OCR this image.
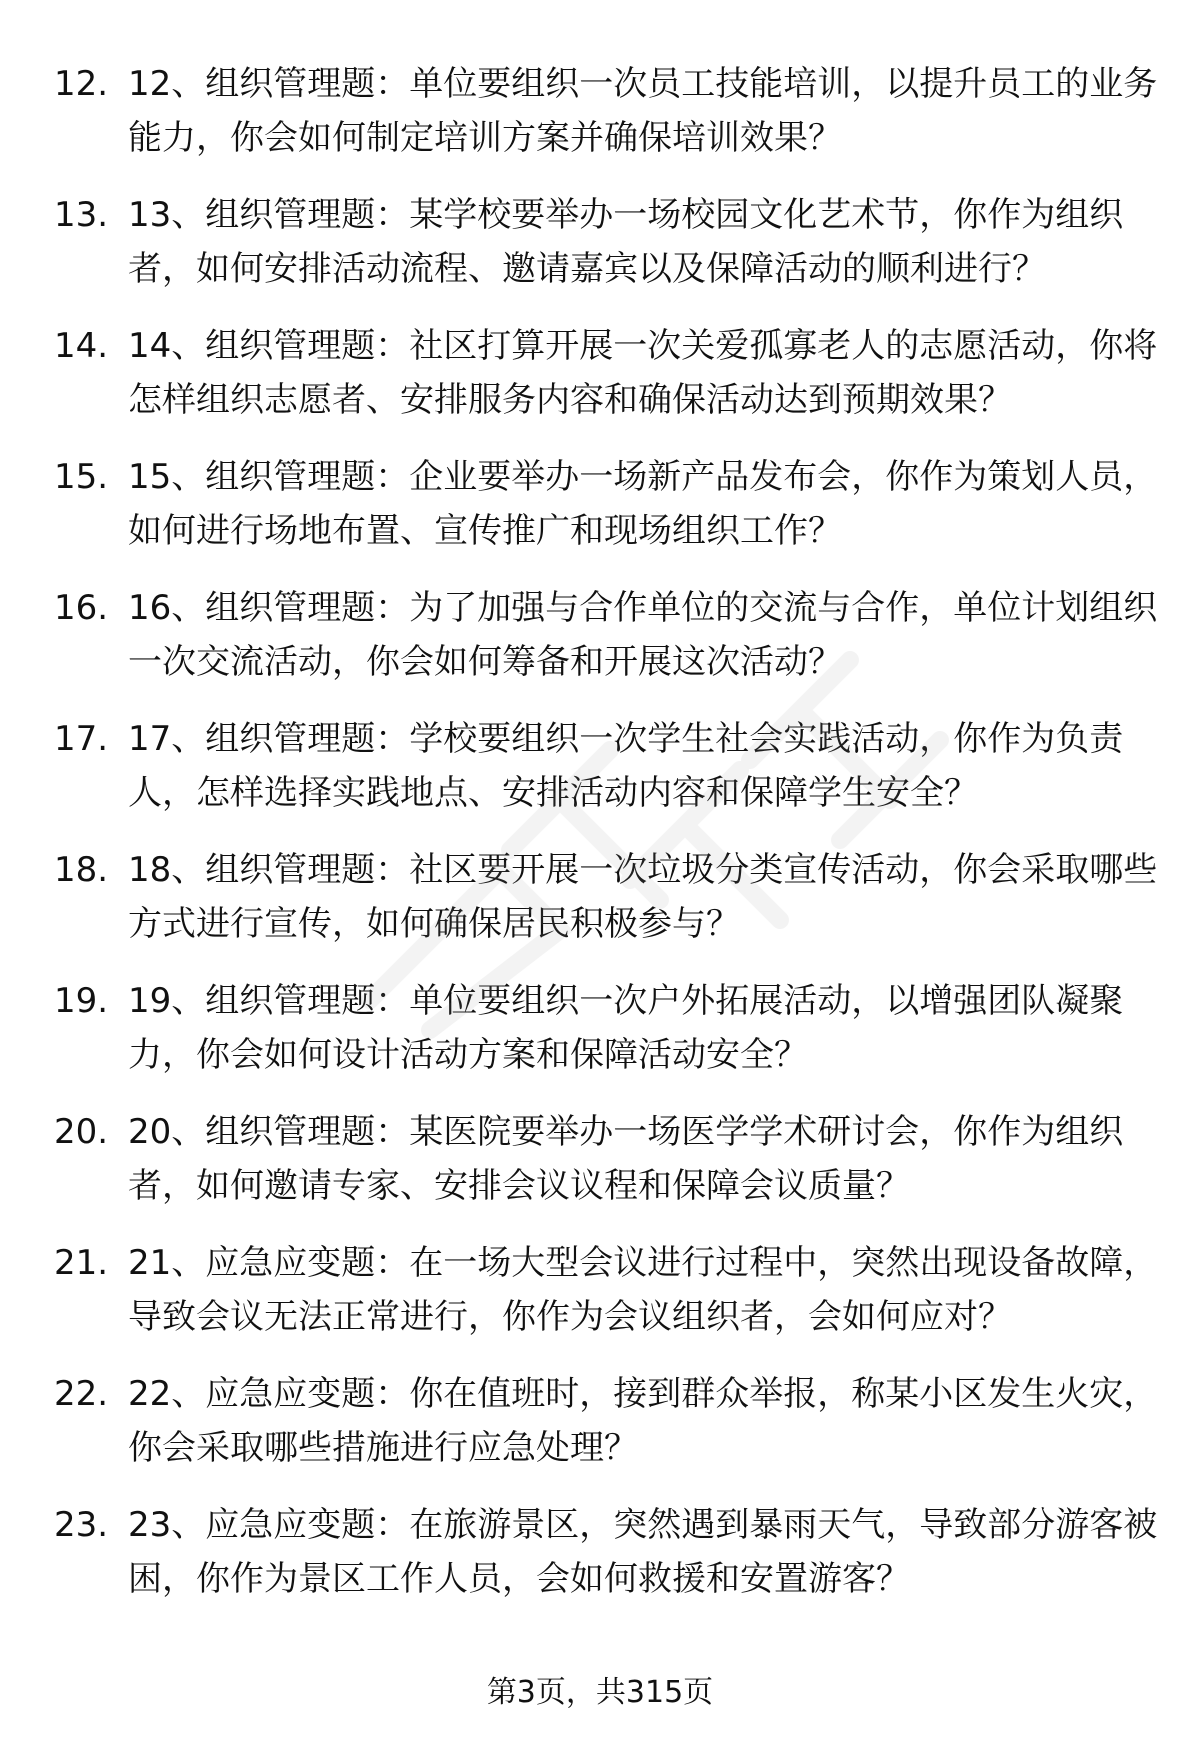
12. 12、组织管理题：单位要组织一次员工技能培训，以提升员工的业务能力，你会如何制定培训方案并确保培训效果？
13. 13、组织管理题：某学校要举办一场校园文化艺术节，你作为组织者，如何安排活动流程、邀请嘉宾以及保障活动的顺利进行？
14. 14、组织管理题：社区打算开展一次关爱孤寡老人的志愿活动，你将怎样组织志愿者、安排服务内容和确保活动达到预期效果？
15. 15、组织管理题：企业要举办一场新产品发布会，你作为策划人员，如何进行场地布置、宣传推广和现场组织工作？
16. 16、组织管理题：为了加强与合作单位的交流与合作，单位计划组织一次交流活动，你会如何筹备和开展这次活动？
17. 17、组织管理题：学校要组织一次学生社会实践活动，你作为负责人，怎样选择实践地点、安排活动内容和保障学生安全？
18. 18、组织管理题：社区要开展一次垃圾分类宣传活动，你会采取哪些方式进行宣传，如何确保居民积极参与？
19. 19、组织管理题：单位要组织一次户外拓展活动，以增强团队凝聚力，你会如何设计活动方案和保障活动安全？
20. 20、组织管理题：某医院要举办一场医学学术研讨会，你作为组织者，如何邀请专家、安排会议议程和保障会议质量？
21. 21、应急应变题：在一场大型会议进行过程中，突然出现设备故障，导致会议无法正常进行，你作为会议组织者，会如何应对？
22. 22、应急应变题：你在值班时，接到群众举报，称某小区发生火灾，你会采取哪些措施进行应急处理？
23. 23、应急应变题：在旅游景区，突然遇到暴雨天气，导致部分游客被困，你作为景区工作人员，会如何救援和安置游客？
第3页，共315页
